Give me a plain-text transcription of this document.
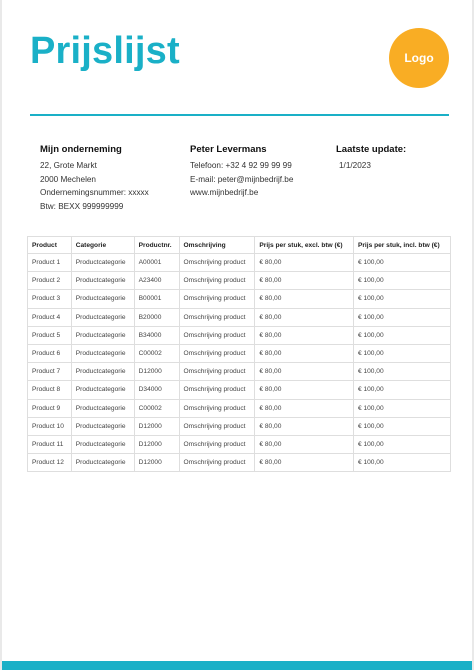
Prijslijst	Logo
Mijn onderneming
22, Grote Markt
2000 Mechelen
Ondernemingsnummer: xxxxx
Btw: BEXX 999999999
Peter Levermans
Telefoon: +32 4 92 99 99 99
E-mail: peter@mijnbedrijf.be
www.mijnbedrijf.be
Laatste update:
1/1/2023
Product	Categorie	Productnr.	Omschrijving	Prijs per stuk, excl. btw (€)	Prijs per stuk, incl. btw (€)
Product 1	Productcategorie	A00001	Omschrijving product	€ 80,00	€ 100,00
Product 2	Productcategorie	A23400	Omschrijving product	€ 80,00	€ 100,00
Product 3	Productcategorie	B00001	Omschrijving product	€ 80,00	€ 100,00
Product 4	Productcategorie	B20000	Omschrijving product	€ 80,00	€ 100,00
Product 5	Productcategorie	B34000	Omschrijving product	€ 80,00	€ 100,00
Product 6	Productcategorie	C00002	Omschrijving product	€ 80,00	€ 100,00
Product 7	Productcategorie	D12000	Omschrijving product	€ 80,00	€ 100,00
Product 8	Productcategorie	D34000	Omschrijving product	€ 80,00	€ 100,00
Product 9	Productcategorie	C00002	Omschrijving product	€ 80,00	€ 100,00
Product 10	Productcategorie	D12000	Omschrijving product	€ 80,00	€ 100,00
Product 11	Productcategorie	D12000	Omschrijving product	€ 80,00	€ 100,00
Product 12	Productcategorie	D12000	Omschrijving product	€ 80,00	€ 100,00
